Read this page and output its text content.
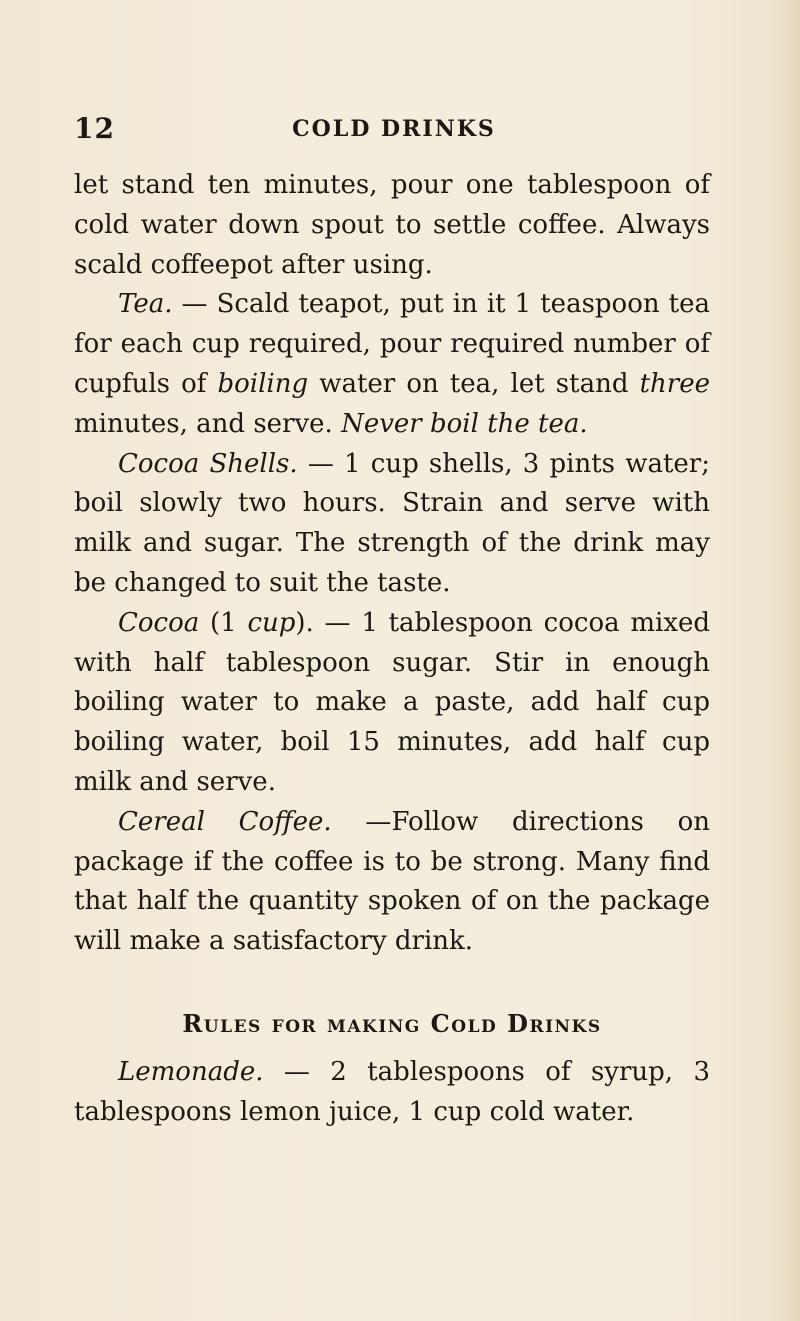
12	COLD DRINKS

let stand ten minutes, pour one tablespoon of cold water down spout to settle coffee. Always scald coffeepot after using.

Tea. — Scald teapot, put in it 1 teaspoon tea for each cup required, pour required number of cupfuls of boiling water on tea, let stand three minutes, and serve. Never boil the tea.

Cocoa Shells. — 1 cup shells, 3 pints water; boil slowly two hours. Strain and serve with milk and sugar. The strength of the drink may be changed to suit the taste.

Cocoa (1 cup). — 1 tablespoon cocoa mixed with half tablespoon sugar. Stir in enough boiling water to make a paste, add half cup boiling water, boil 15 minutes, add half cup milk and serve.

Cereal Coffee. —Follow directions on package if the coffee is to be strong. Many find that half the quantity spoken of on the package will make a satisfactory drink.

Rules for making Cold Drinks

Lemonade. — 2 tablespoons of syrup, 3 tablespoons lemon juice, 1 cup cold water.
